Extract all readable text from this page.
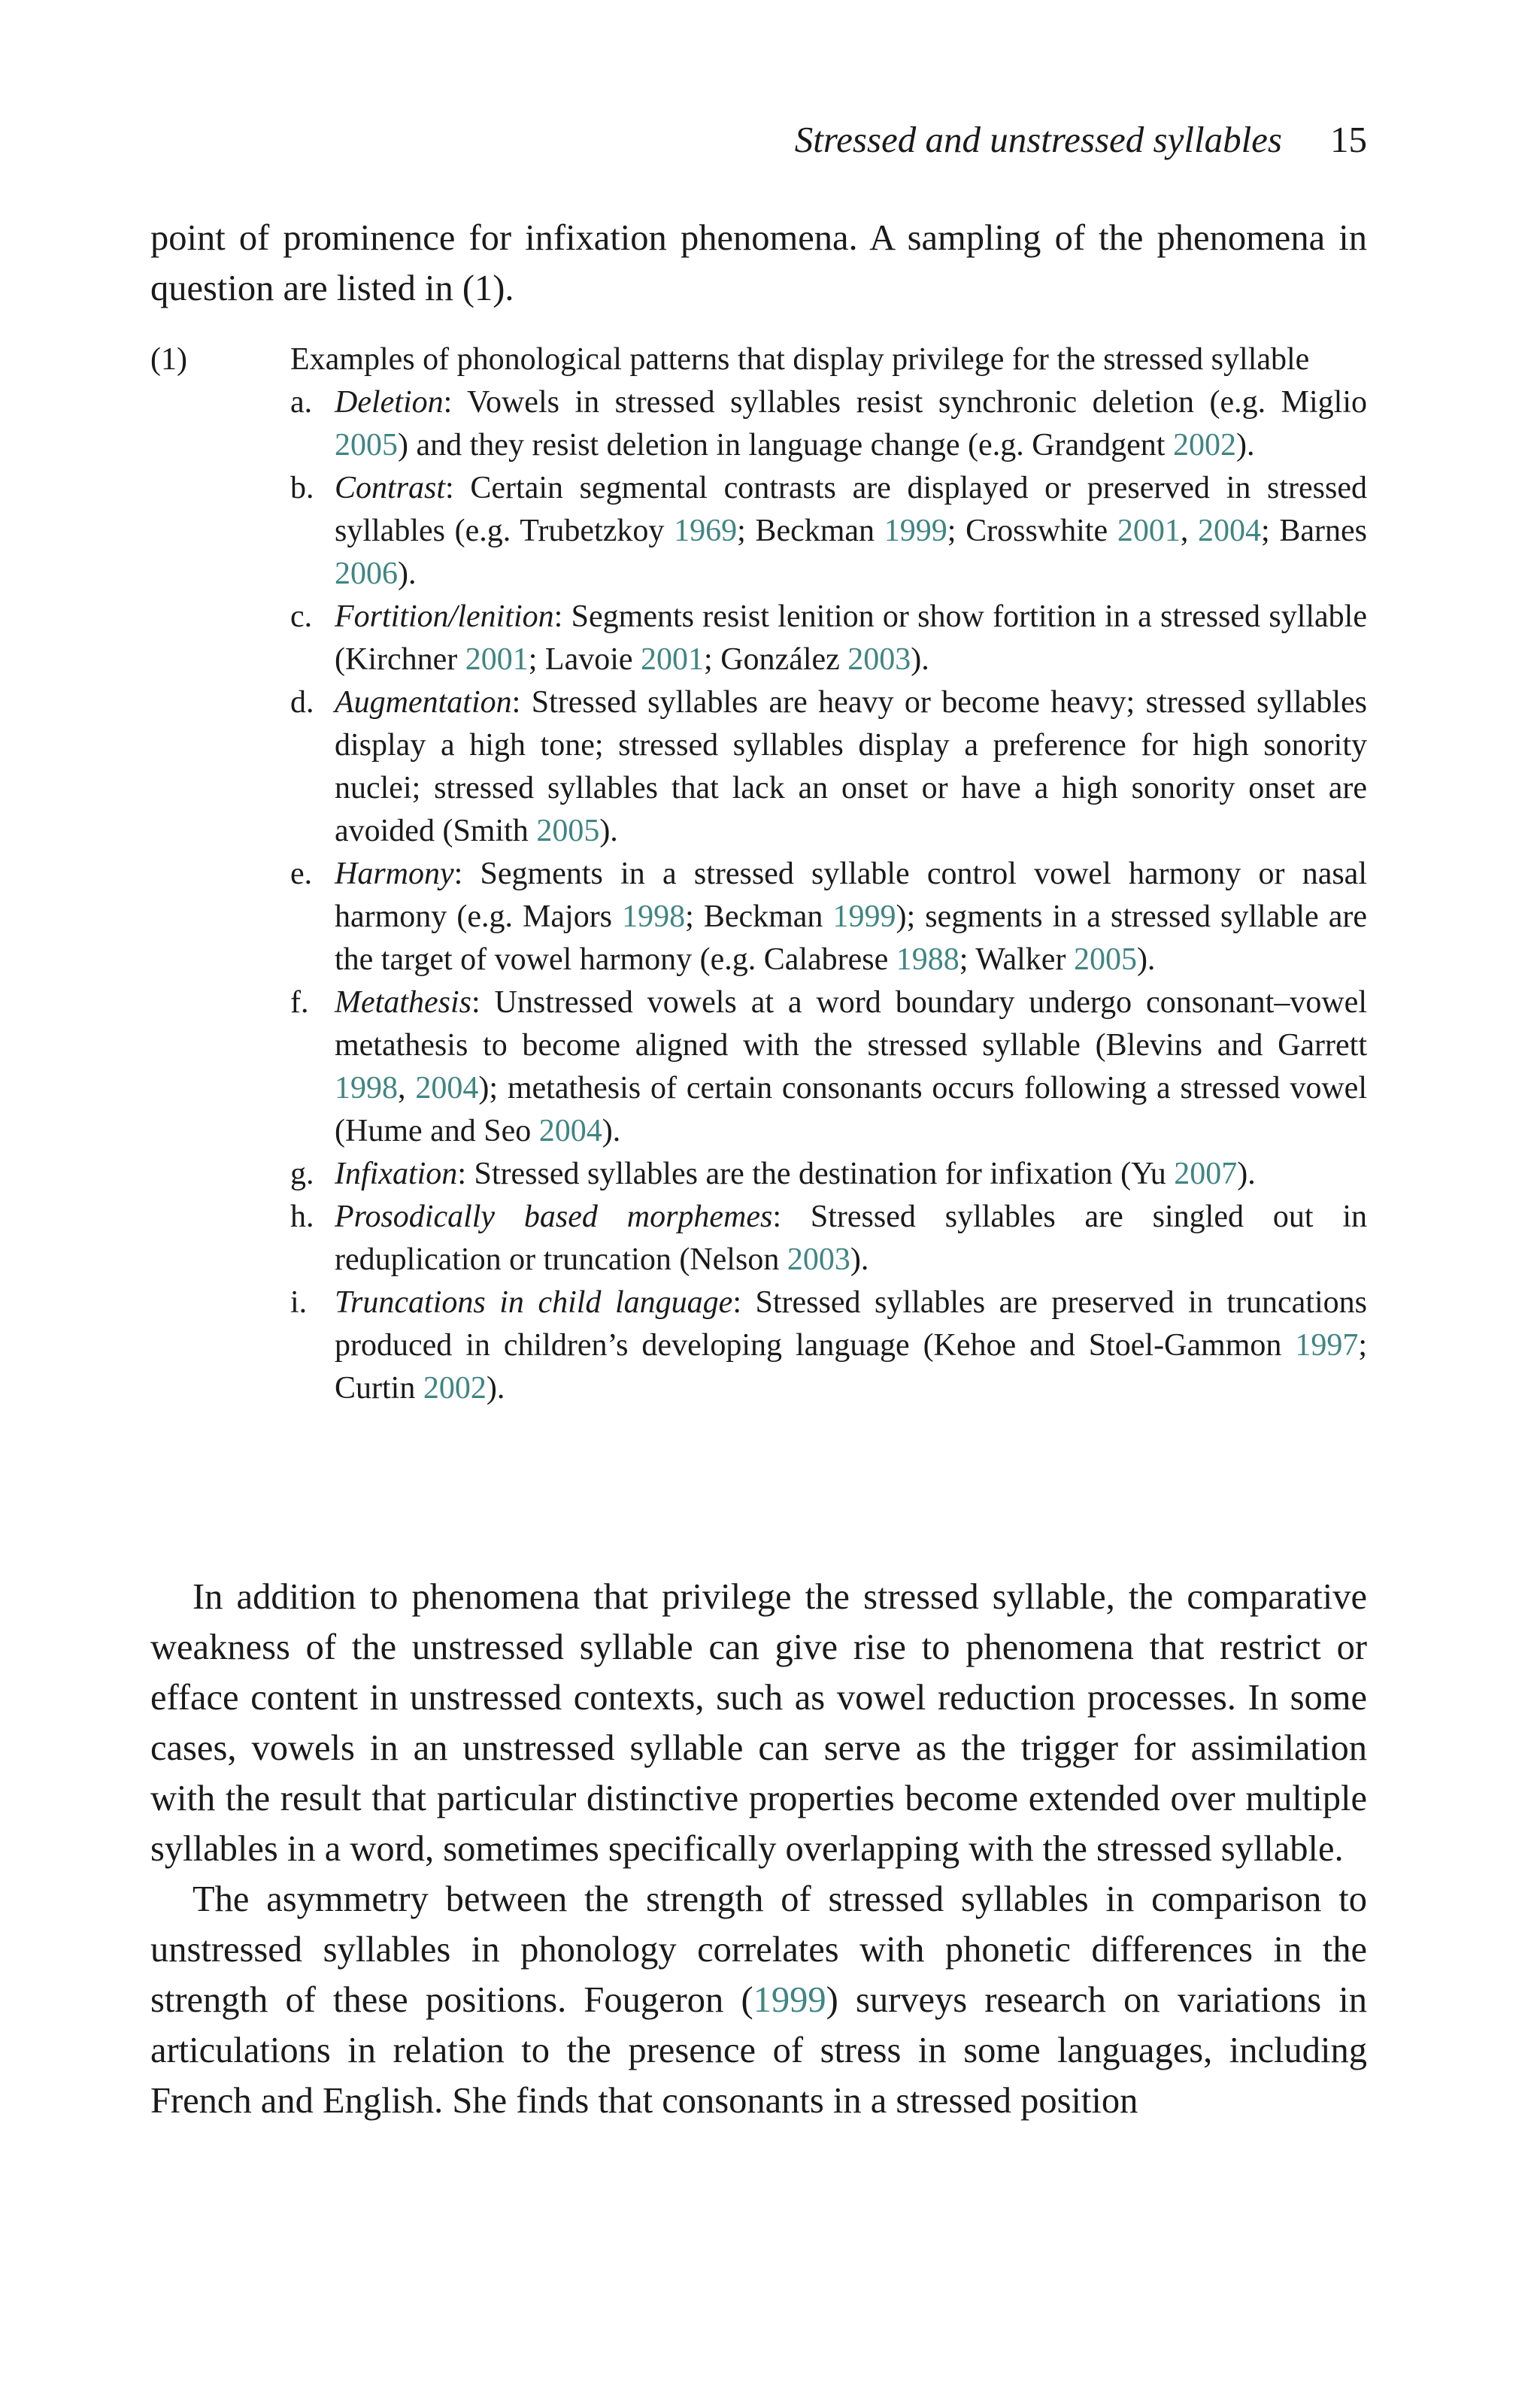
Stressed and unstressed syllables 15

point of prominence for infixation phenomena. A sampling of the phenomena in question are listed in (1).

(1)	Examples of phonological patterns that display privilege for the stressed syllable

a. Deletion: Vowels in stressed syllables resist synchronic deletion (e.g. Miglio 2005) and they resist deletion in language change (e.g. Grandgent 2002).
b. Contrast: Certain segmental contrasts are displayed or preserved in stressed syllables (e.g. Trubetzkoy 1969; Beckman 1999; Crosswhite 2001, 2004; Barnes 2006).
c. Fortition/lenition: Segments resist lenition or show fortition in a stressed syllable (Kirchner 2001; Lavoie 2001; González 2003).
d. Augmentation: Stressed syllables are heavy or become heavy; stressed syllables display a high tone; stressed syllables display a preference for high sonority nuclei; stressed syllables that lack an onset or have a high sonority onset are avoided (Smith 2005).
e. Harmony: Segments in a stressed syllable control vowel harmony or nasal harmony (e.g. Majors 1998; Beckman 1999); segments in a stressed syllable are the target of vowel harmony (e.g. Calabrese 1988; Walker 2005).
f. Metathesis: Unstressed vowels at a word boundary undergo consonant–vowel metathesis to become aligned with the stressed syllable (Blevins and Garrett 1998, 2004); metathesis of certain consonants occurs following a stressed vowel (Hume and Seo 2004).
g. Infixation: Stressed syllables are the destination for infixation (Yu 2007).
h. Prosodically based morphemes: Stressed syllables are singled out in reduplication or truncation (Nelson 2003).
i. Truncations in child language: Stressed syllables are preserved in truncations produced in children’s developing language (Kehoe and Stoel-Gammon 1997; Curtin 2002).

In addition to phenomena that privilege the stressed syllable, the comparative weakness of the unstressed syllable can give rise to phenomena that restrict or efface content in unstressed contexts, such as vowel reduction processes. In some cases, vowels in an unstressed syllable can serve as the trigger for assimilation with the result that particular distinctive properties become extended over multiple syllables in a word, sometimes specifically overlapping with the stressed syllable.

The asymmetry between the strength of stressed syllables in comparison to unstressed syllables in phonology correlates with phonetic differences in the strength of these positions. Fougeron (1999) surveys research on variations in articulations in relation to the presence of stress in some languages, including French and English. She finds that consonants in a stressed position
